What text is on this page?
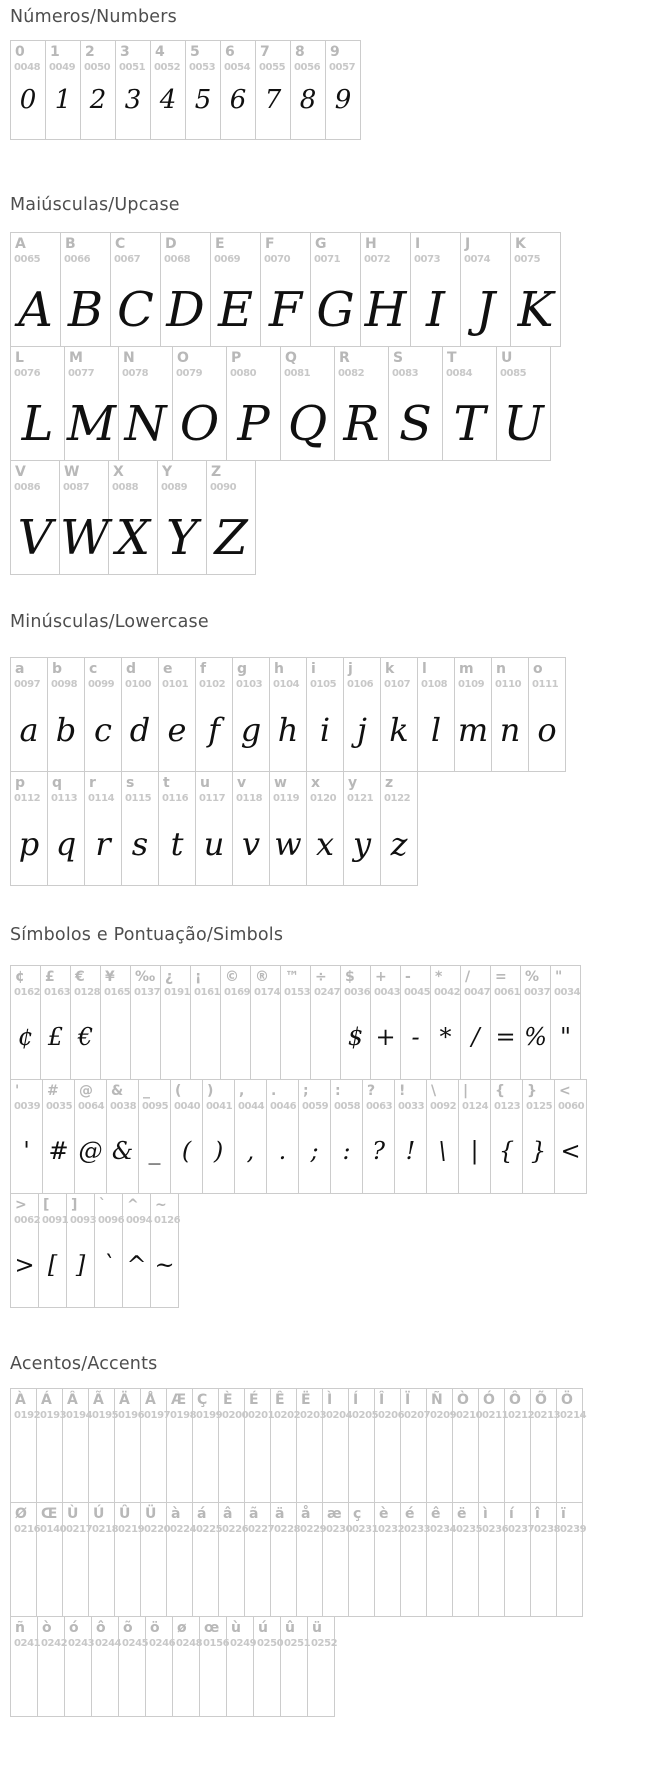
Números/Numbers
0
0048
0
1
0049
1
2
0050
2
3
0051
3
4
0052
4
5
0053
5
6
0054
6
7
0055
7
8
0056
8
9
0057
9
Maiúsculas/Upcase
A
0065
A
B
0066
B
C
0067
C
D
0068
D
E
0069
E
F
0070
F
G
0071
G
H
0072
H
I
0073
I
J
0074
J
K
0075
K
L
0076
L
M
0077
M
N
0078
N
O
0079
O
P
0080
P
Q
0081
Q
R
0082
R
S
0083
S
T
0084
T
U
0085
U
V
0086
V
W
0087
W
X
0088
X
Y
0089
Y
Z
0090
Z
Minúsculas/Lowercase
a
0097
a
b
0098
b
c
0099
c
d
0100
d
e
0101
e
f
0102
f
g
0103
g
h
0104
h
i
0105
i
j
0106
j
k
0107
k
l
0108
l
m
0109
m
n
0110
n
o
0111
o
p
0112
p
q
0113
q
r
0114
r
s
0115
s
t
0116
t
u
0117
u
v
0118
v
w
0119
w
x
0120
x
y
0121
y
z
0122
z
Símbolos e Pontuação/Simbols
¢
0162
¢
£
0163
£
€
0128
€
¥
0165
‰
0137
¿
0191
¡
0161
©
0169
®
0174
™
0153
÷
0247
$
0036
$
+
0043
+
-
0045
-
*
0042
*
/
0047
/
=
0061
=
%
0037
%
"
0034
"
'
0039
'
#
0035
#
@
0064
@
&
0038
&
_
0095
_
(
0040
(
)
0041
)
,
0044
,
.
0046
.
;
0059
;
:
0058
:
?
0063
?
!
0033
!
\
0092
\
|
0124
|
{
0123
{
}
0125
}
<
0060
<
>
0062
>
[
0091
[
]
0093
]
`
0096
`
^
0094
^
~
0126
~
Acentos/Accents
À
0192
Á
0193
Â
0194
Ã
0195
Ä
0196
Å
0197
Æ
0198
Ç
0199
È
0200
É
0201
Ê
0202
Ë
0203
Ì
0204
Í
0205
Î
0206
Ï
0207
Ñ
0209
Ò
0210
Ó
0211
Ô
0212
Õ
0213
Ö
0214
Ø
0216
Œ
0140
Ù
0217
Ú
0218
Û
0219
Ü
0220
à
0224
á
0225
â
0226
ã
0227
ä
0228
å
0229
æ
0230
ç
0231
è
0232
é
0233
ê
0234
ë
0235
ì
0236
í
0237
î
0238
ï
0239
ñ
0241
ò
0242
ó
0243
ô
0244
õ
0245
ö
0246
ø
0248
œ
0156
ù
0249
ú
0250
û
0251
ü
0252
